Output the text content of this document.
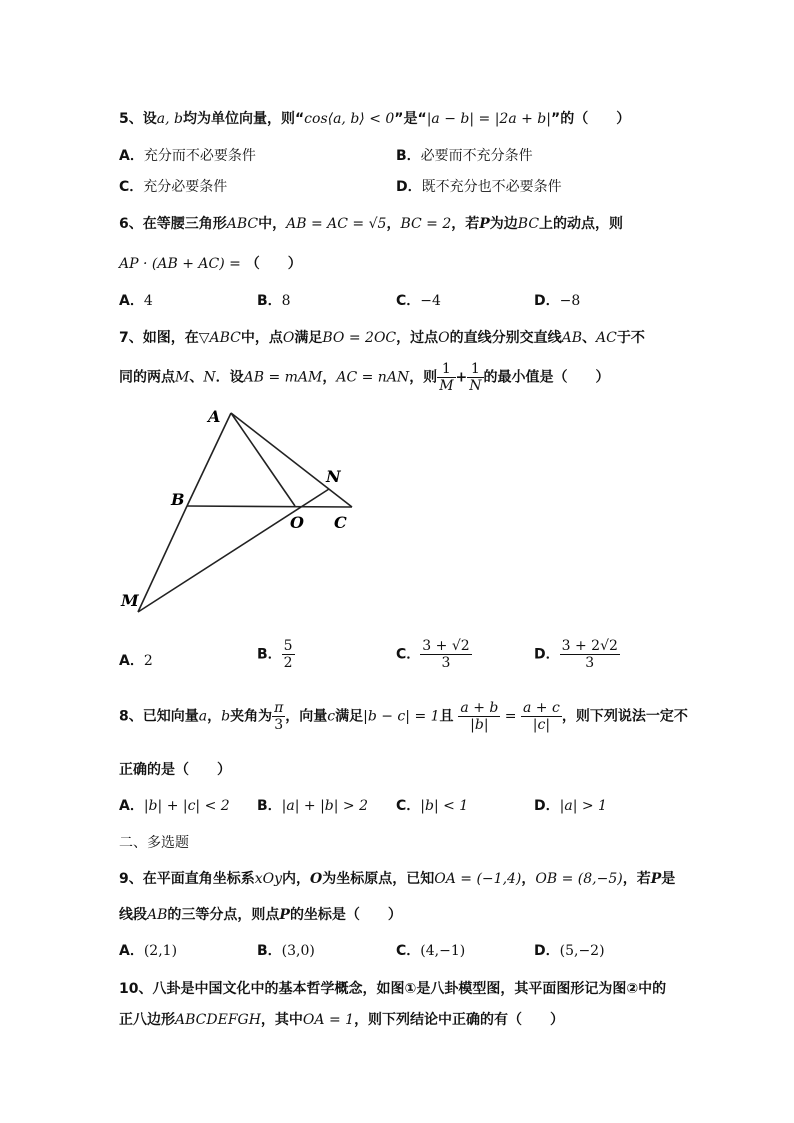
5、设a, b均为单位向量，则“cos⟨a, b⟩ < 0”是“|a − b| = |2a + b|”的（　　）
A．充分而不必要条件	B．必要而不充分条件
C．充分必要条件	D．既不充分也不必要条件
6、在等腰三角形ABC中，AB = AC = √5，BC = 2，若P为边BC上的动点，则
AP · (AB + AC) = （　　）
A．4	B．8	C．−4	D．−8
7、如图，在▽ABC中，点O满足BO = 2OC，过点O的直线分别交直线AB、AC于不
同的两点M、N．设AB = mAM，AC = nAN，则 $\frac{1}{M} + \frac{1}{N}$ 的最小值是（　　）
A
B
O C
N
M
A．2	B． $\frac{5}{2}$	C． $\frac{3 + √2}{3}$	D． $\frac{3 + 2√2}{3}$
8、已知向量a，b夹角为 $\frac{\pi}{3}$ ，向量c满足|b − c| = 1且 $\frac{a + b}{|b|} = \frac{a + c}{|c|}$ ，则下列说法一定不
正确的是（　　）
A．|b| + |c| < 2 B．|a| + |b| > 2 C．|b| < 1	D．|a| > 1
二、多选题
9、在平面直角坐标系xOy内，O为坐标原点，已知OA = (−1,4)，OB = (8,−5)，若P是
线段AB的三等分点，则点P的坐标是（　　）
A．(2,1)	B．(3,0)	C．(4,−1)	D．(5,−2)
10、八卦是中国文化中的基本哲学概念，如图①是八卦模型图，其平面图形记为图②中的
正八边形ABCDEFGH，其中OA = 1，则下列结论中正确的有（　　）
